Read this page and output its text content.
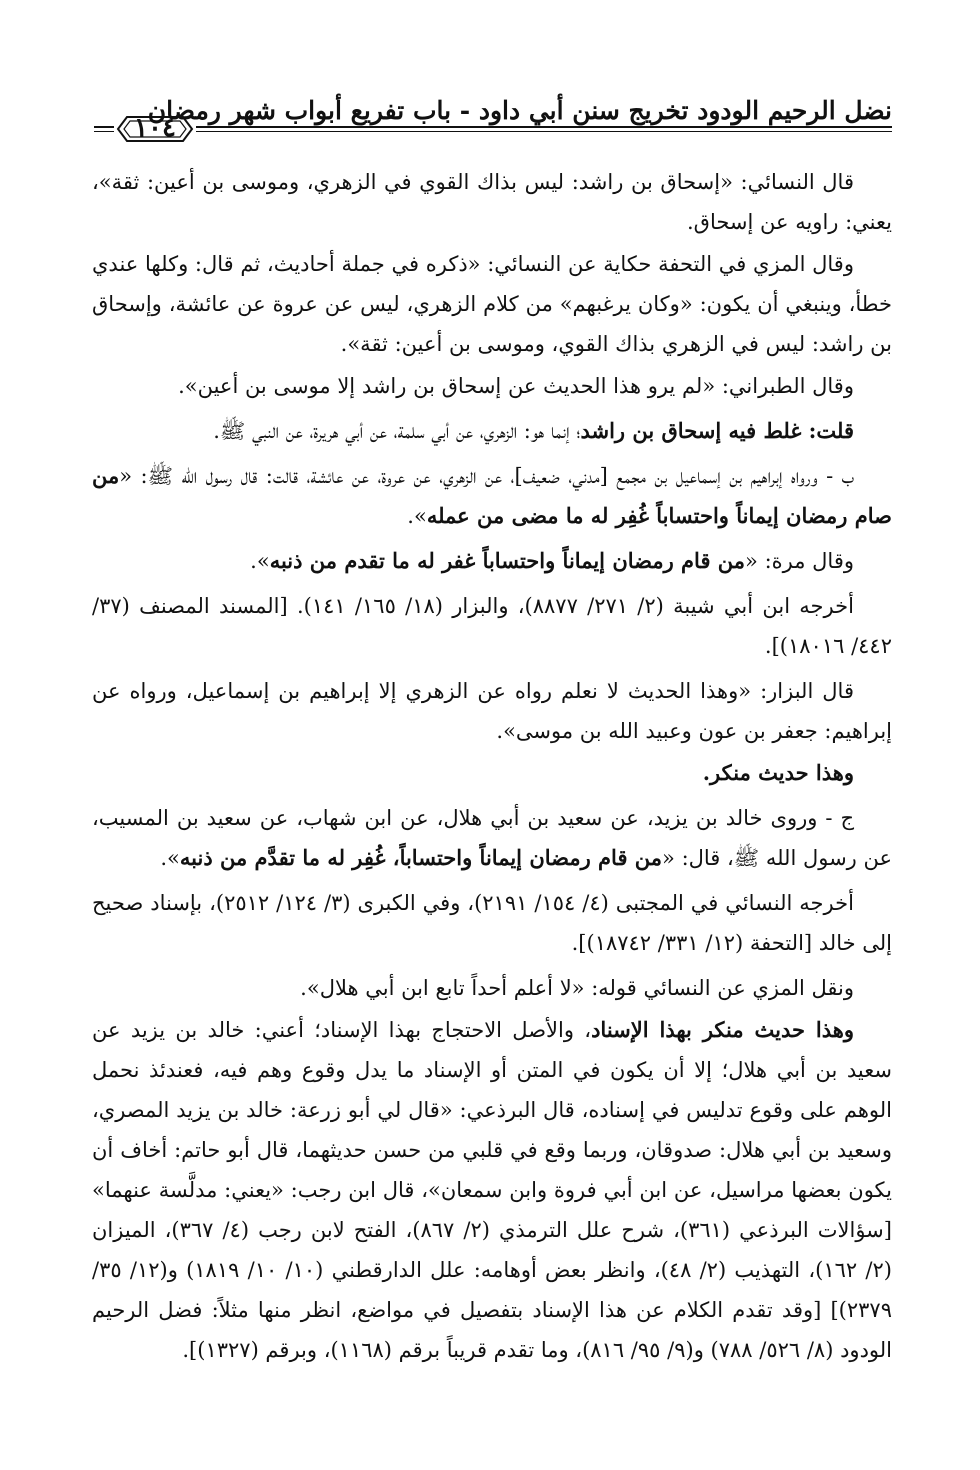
نضل الرحيم الودود تخريج سنن أبي داود - باب تفريع أبواب شهر رمضان
١٠٤

قال النسائي: «إسحاق بن راشد: ليس بذاك القوي في الزهري، وموسى بن أعين: ثقة»، يعني: راويه عن إسحاق.

وقال المزي في التحفة حكاية عن النسائي: «ذكره في جملة أحاديث، ثم قال: وكلها عندي خطأ، وينبغي أن يكون: «وكان يرغبهم» من كلام الزهري، ليس عن عروة عن عائشة، وإسحاق بن راشد: ليس في الزهري بذاك القوي، وموسى بن أعين: ثقة».

وقال الطبراني: «لم يرو هذا الحديث عن إسحاق بن راشد إلا موسى بن أعين».

قلت: غلط فيه إسحاق بن راشد؛ إنما هو: الزهري، عن أبي سلمة، عن أبي هريرة، عن النبي ﷺ.

ب - ورواه إبراهيم بن إسماعيل بن مجمع [مدني، ضعيف]، عن الزهري، عن عروة، عن عائشة، قالت: قال رسول الله ﷺ: «من صام رمضان إيماناً واحتساباً غُفِر له ما مضى من عمله».

وقال مرة: «من قام رمضان إيماناً واحتساباً غفر له ما تقدم من ذنبه».

أخرجه ابن أبي شيبة (٢/ ٢٧١/ ٨٨٧٧)، والبزار (١٨/ ١٦٥/ ١٤١). [المسند المصنف (٣٧/ ٤٤٢/ ١٨٠١٦)].

قال البزار: «وهذا الحديث لا نعلم رواه عن الزهري إلا إبراهيم بن إسماعيل، ورواه عن إبراهيم: جعفر بن عون وعبيد الله بن موسى».

وهذا حديث منكر.

ج - وروى خالد بن يزيد، عن سعيد بن أبي هلال، عن ابن شهاب، عن سعيد بن المسيب، عن رسول الله ﷺ، قال: «من قام رمضان إيماناً واحتساباً، غُفِر له ما تقدَّم من ذنبه».

أخرجه النسائي في المجتبى (٤/ ١٥٤/ ٢١٩١)، وفي الكبرى (٣/ ١٢٤/ ٢٥١٢)، بإسناد صحيح إلى خالد [التحفة (١٢/ ٣٣١/ ١٨٧٤٢)].

ونقل المزي عن النسائي قوله: «لا أعلم أحداً تابع ابن أبي هلال».

وهذا حديث منكر بهذا الإسناد، والأصل الاحتجاج بهذا الإسناد؛ أعني: خالد بن يزيد عن سعيد بن أبي هلال؛ إلا أن يكون في المتن أو الإسناد ما يدل وقوع وهم فيه، فعندئذ نحمل الوهم على وقوع تدليس في إسناده، قال البرذعي: «قال لي أبو زرعة: خالد بن يزيد المصري، وسعيد بن أبي هلال: صدوقان، وربما وقع في قلبي من حسن حديثهما، قال أبو حاتم: أخاف أن يكون بعضها مراسيل، عن ابن أبي فروة وابن سمعان»، قال ابن رجب: «يعني: مدلَّسة عنهما» [سؤالات البرذعي (٣٦١)، شرح علل الترمذي (٢/ ٨٦٧)، الفتح لابن رجب (٤/ ٣٦٧)، الميزان (٢/ ١٦٢)، التهذيب (٢/ ٤٨)، وانظر بعض أوهامه: علل الدارقطني (١٠/ ١٠/ ١٨١٩) و(١٢/ ٣٥/ ٢٣٧٩)] [وقد تقدم الكلام عن هذا الإسناد بتفصيل في مواضع، انظر منها مثلاً: فضل الرحيم الودود (٨/ ٥٢٦/ ٧٨٨) و(٩/ ٩٥/ ٨١٦)، وما تقدم قريباً برقم (١١٦٨)، وبرقم (١٣٢٧)].
